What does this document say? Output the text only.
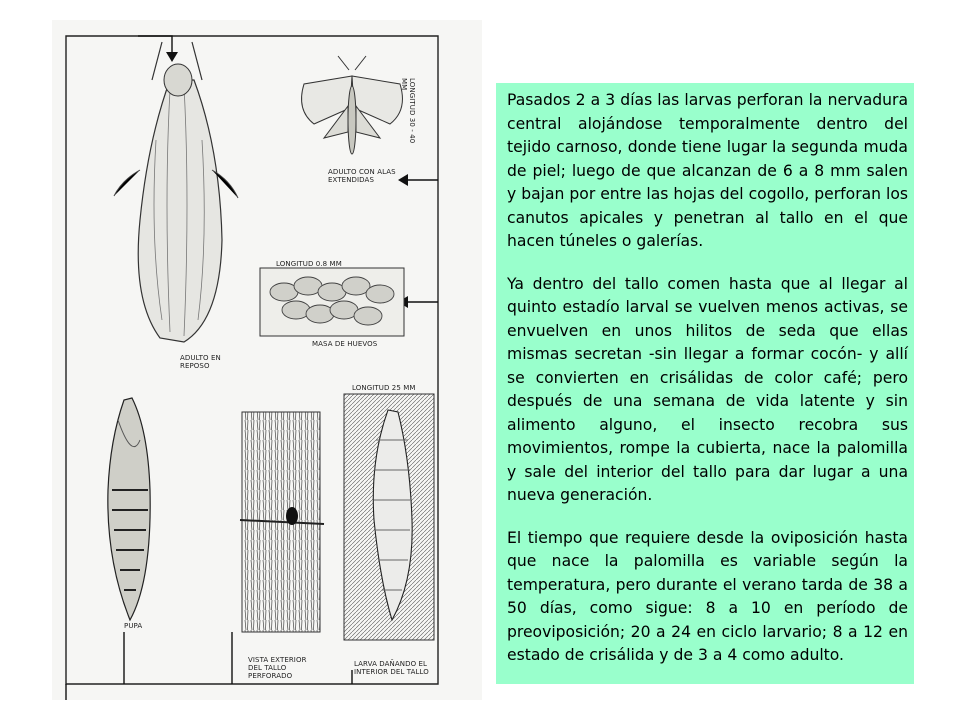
LONGITUD 30 - 40 MM
ADULTO CON ALAS EXTENDIDAS
LONGITUD 0.8 MM
MASA DE HUEVOS
ADULTO EN REPOSO
LONGITUD 25 MM
PUPA
VISTA EXTERIOR DEL TALLO PERFORADO
LARVA DAÑANDO EL INTERIOR DEL TALLO

Pasados 2 a 3 días las larvas perforan la nervadura central alojándose temporalmente dentro del tejido carnoso, donde tiene lugar la segunda muda de piel; luego de que alcanzan de 6 a 8 mm salen y bajan por entre las hojas del cogollo, perforan los canutos apicales y penetran al tallo en el que hacen túneles o galerías.

Ya dentro del tallo comen hasta que al llegar al quinto estadío larval se vuelven menos activas, se envuelven en unos hilitos de seda que ellas mismas secretan -sin llegar a formar cocón- y allí se convierten en crisálidas de color café; pero después de una semana de vida latente y sin alimento alguno, el insecto recobra sus movimientos, rompe la cubierta, nace la palomilla y sale del interior del tallo para dar lugar a una nueva generación.

El tiempo que requiere desde la oviposición hasta que nace la palomilla es variable según la temperatura, pero durante el verano tarda de 38 a 50 días, como sigue: 8 a 10 en período de preoviposición; 20 a 24 en ciclo larvario; 8 a 12 en estado de crisálida y de 3 a 4 como adulto.
